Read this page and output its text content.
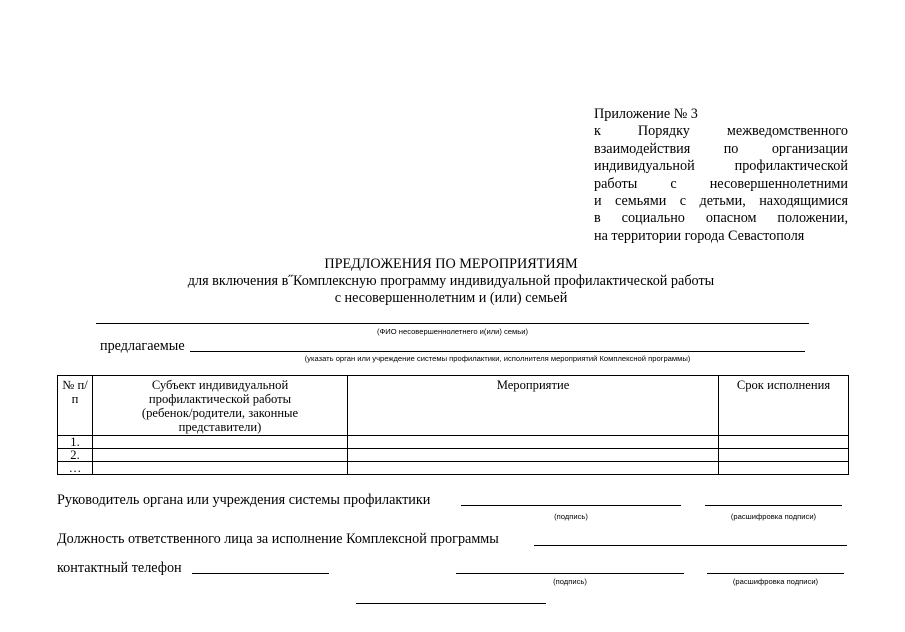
Приложение № 3
к Порядку межведомственного
взаимодействия по организации
индивидуальной профилактической
работы с несовершеннолетними
и семьями с детьми, находящимися
в социально опасном положении,
на территории города Севастополя
ПРЕДЛОЖЕНИЯ ПО МЕРОПРИЯТИЯМ
для включения в˝Комплексную программу индивидуальной профилактической работы
с несовершеннолетним и (или) семьей
(ФИО несовершеннолетнего и(или) семьи)
предлагаемые
(указать орган или учреждение системы профилактики, исполнителя мероприятий Комплексной программы)
№ п/п	Субъект индивидуальной профилактической работы (ребенок/родители, законные представители)	Мероприятие	Срок исполнения
1.			
2.			
…			
Руководитель органа или учреждения системы профилактики
(подпись)	(расшифровка подписи)
Должность ответственного лица за исполнение Комплексной программы
контактный телефон
(подпись)	(расшифровка подписи)
